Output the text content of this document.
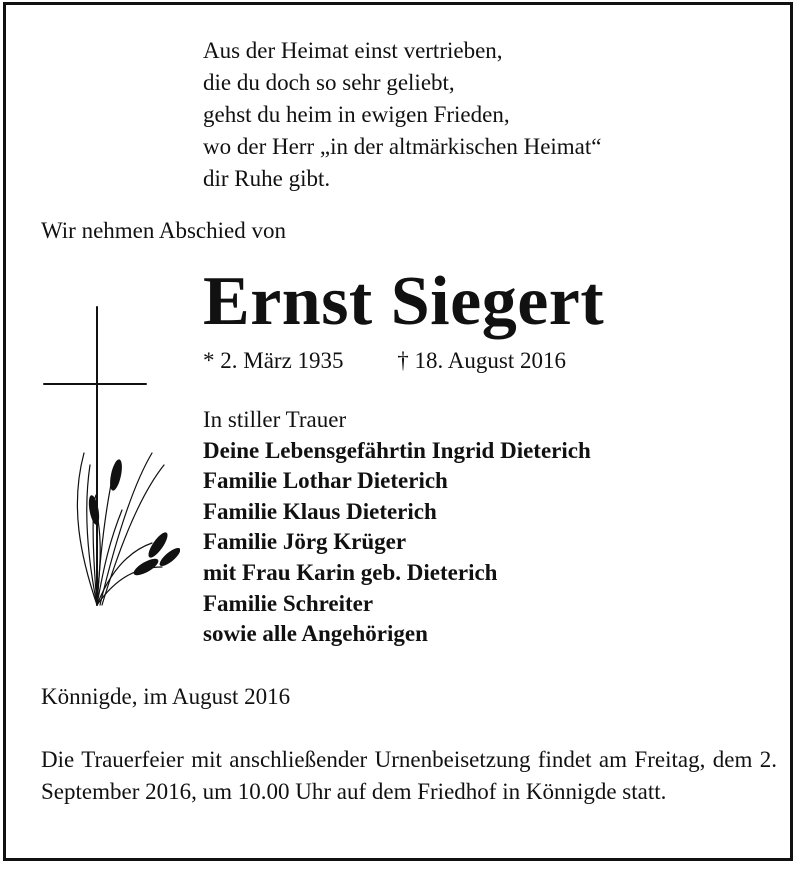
Aus der Heimat einst vertrieben,
die du doch so sehr geliebt,
gehst du heim in ewigen Frieden,
wo der Herr „in der altmärkischen Heimat“
dir Ruhe gibt.
Wir nehmen Abschied von
Ernst Siegert
* 2. März 1935 † 18. August 2016
In stiller Trauer
Deine Lebensgefährtin Ingrid Dieterich
Familie Lothar Dieterich
Familie Klaus Dieterich
Familie Jörg Krüger
mit Frau Karin geb. Dieterich
Familie Schreiter
sowie alle Angehörigen
Könnigde, im August 2016
Die Trauerfeier mit anschließender Urnenbeisetzung findet am Freitag, dem 2. September 2016, um 10.00 Uhr auf dem Friedhof in Könnigde statt.
